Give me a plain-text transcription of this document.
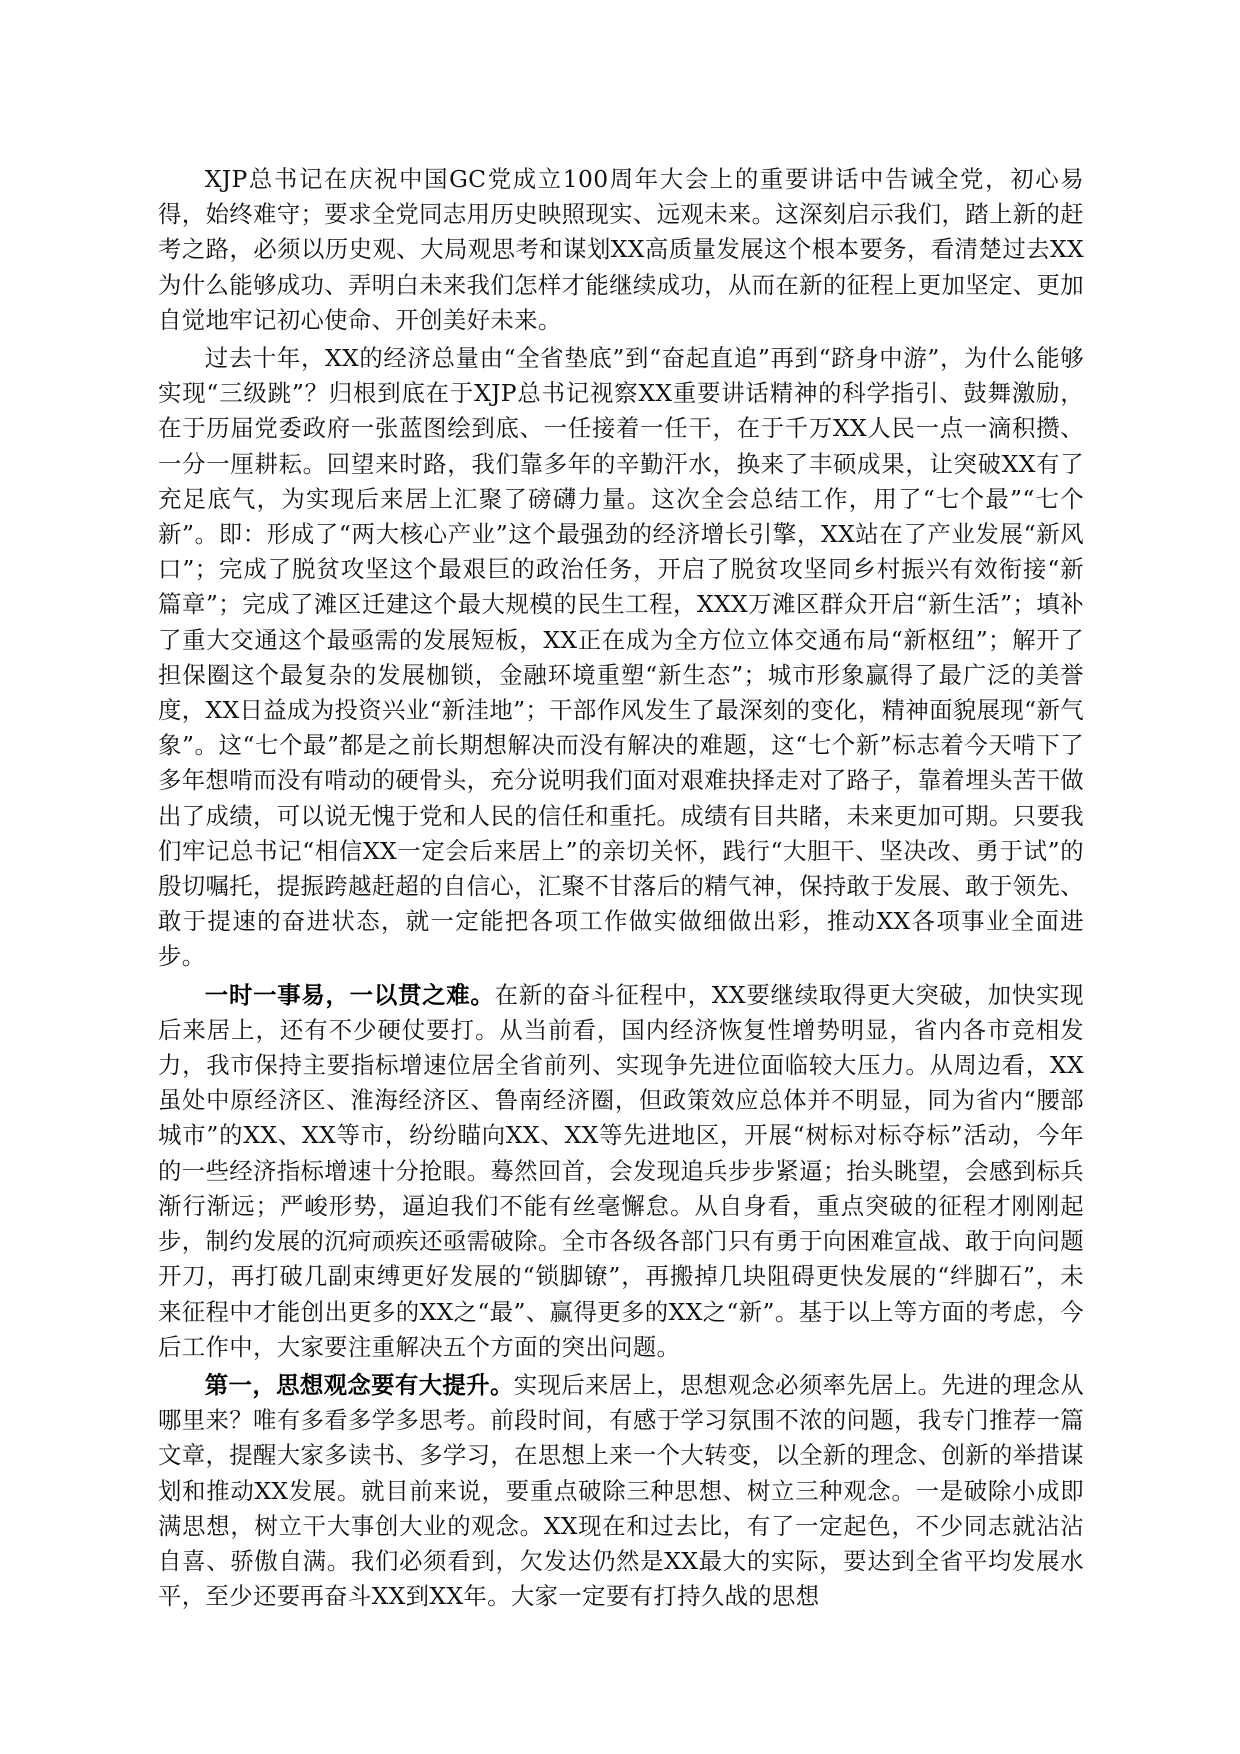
XJP总书记在庆祝中国GC党成立100周年大会上的重要讲话中告诫全党，初心易得，始终难守；要求全党同志用历史映照现实、远观未来。这深刻启示我们，踏上新的赶考之路，必须以历史观、大局观思考和谋划XX高质量发展这个根本要务，看清楚过去XX为什么能够成功、弄明白未来我们怎样才能继续成功，从而在新的征程上更加坚定、更加自觉地牢记初心使命、开创美好未来。

过去十年，XX的经济总量由“全省垫底”到“奋起直追”再到“跻身中游”，为什么能够实现“三级跳”？归根到底在于XJP总书记视察XX重要讲话精神的科学指引、鼓舞激励，在于历届党委政府一张蓝图绘到底、一任接着一任干，在于千万XX人民一点一滴积攒、一分一厘耕耘。回望来时路，我们靠多年的辛勤汗水，换来了丰硕成果，让突破XX有了充足底气，为实现后来居上汇聚了磅礴力量。这次全会总结工作，用了“七个最”“七个新”。即：形成了“两大核心产业”这个最强劲的经济增长引擎，XX站在了产业发展“新风口”；完成了脱贫攻坚这个最艰巨的政治任务，开启了脱贫攻坚同乡村振兴有效衔接“新篇章”；完成了滩区迁建这个最大规模的民生工程，XXX万滩区群众开启“新生活”；填补了重大交通这个最亟需的发展短板，XX正在成为全方位立体交通布局“新枢纽”；解开了担保圈这个最复杂的发展枷锁，金融环境重塑“新生态”；城市形象赢得了最广泛的美誉度，XX日益成为投资兴业“新洼地”；干部作风发生了最深刻的变化，精神面貌展现“新气象”。这“七个最”都是之前长期想解决而没有解决的难题，这“七个新”标志着今天啃下了多年想啃而没有啃动的硬骨头，充分说明我们面对艰难抉择走对了路子，靠着埋头苦干做出了成绩，可以说无愧于党和人民的信任和重托。成绩有目共睹，未来更加可期。只要我们牢记总书记“相信XX一定会后来居上”的亲切关怀，践行“大胆干、坚决改、勇于试”的殷切嘱托，提振跨越赶超的自信心，汇聚不甘落后的精气神，保持敢于发展、敢于领先、敢于提速的奋进状态，就一定能把各项工作做实做细做出彩，推动XX各项事业全面进步。

一时一事易，一以贯之难。在新的奋斗征程中，XX要继续取得更大突破，加快实现后来居上，还有不少硬仗要打。从当前看，国内经济恢复性增势明显，省内各市竞相发力，我市保持主要指标增速位居全省前列、实现争先进位面临较大压力。从周边看，XX虽处中原经济区、淮海经济区、鲁南经济圈，但政策效应总体并不明显，同为省内“腰部城市”的XX、XX等市，纷纷瞄向XX、XX等先进地区，开展“树标对标夺标”活动，今年的一些经济指标增速十分抢眼。蓦然回首，会发现追兵步步紧逼；抬头眺望，会感到标兵渐行渐远；严峻形势，逼迫我们不能有丝毫懈怠。从自身看，重点突破的征程才刚刚起步，制约发展的沉疴顽疾还亟需破除。全市各级各部门只有勇于向困难宣战、敢于向问题开刀，再打破几副束缚更好发展的“锁脚镣”，再搬掉几块阻碍更快发展的“绊脚石”，未来征程中才能创出更多的XX之“最”、赢得更多的XX之“新”。基于以上等方面的考虑，今后工作中，大家要注重解决五个方面的突出问题。

第一，思想观念要有大提升。实现后来居上，思想观念必须率先居上。先进的理念从哪里来？唯有多看多学多思考。前段时间，有感于学习氛围不浓的问题，我专门推荐一篇文章，提醒大家多读书、多学习，在思想上来一个大转变，以全新的理念、创新的举措谋划和推动XX发展。就目前来说，要重点破除三种思想、树立三种观念。一是破除小成即满思想，树立干大事创大业的观念。XX现在和过去比，有了一定起色，不少同志就沾沾自喜、骄傲自满。我们必须看到，欠发达仍然是XX最大的实际，要达到全省平均发展水平，至少还要再奋斗XX到XX年。大家一定要有打持久战的思想
